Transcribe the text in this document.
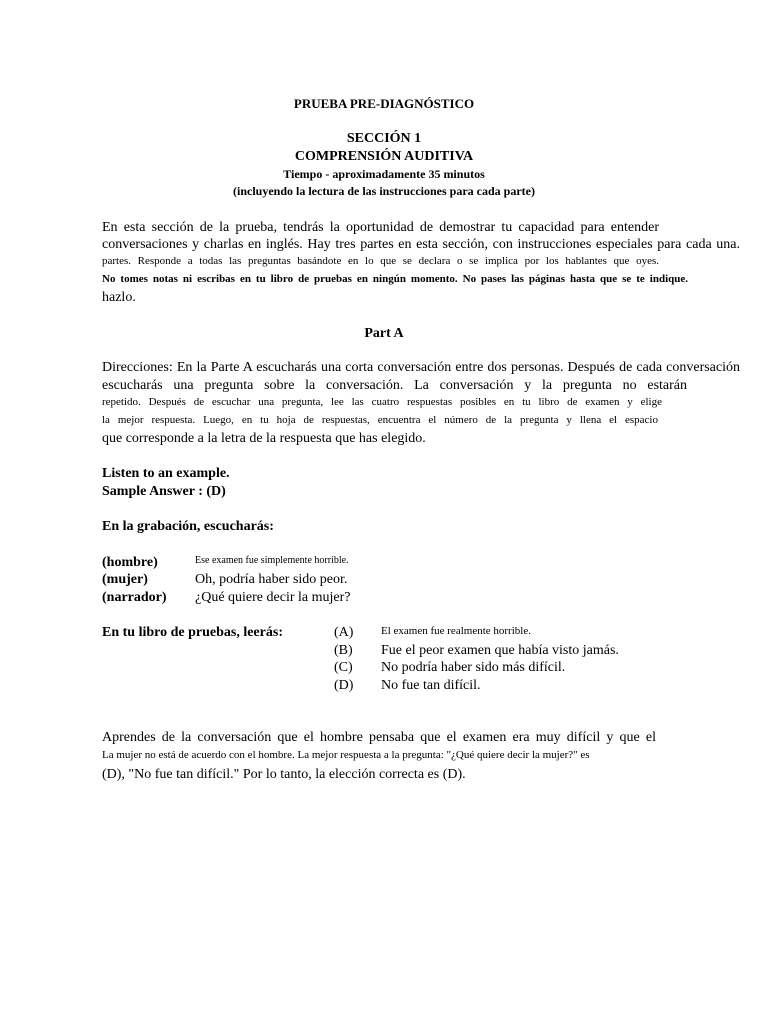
PRUEBA PRE-DIAGNÓSTICO
SECCIÓN 1
COMPRENSIÓN AUDITIVA
Tiempo - aproximadamente 35 minutos
(incluyendo la lectura de las instrucciones para cada parte)
En esta sección de la prueba, tendrás la oportunidad de demostrar tu capacidad para entender
conversaciones y charlas en inglés. Hay tres partes en esta sección, con instrucciones especiales para cada una.
partes. Responde a todas las preguntas basándote en lo que se declara o se implica por los hablantes que oyes.
No tomes notas ni escribas en tu libro de pruebas en ningún momento. No pases las páginas hasta que se te indique.
hazlo.
Part A
Direcciones: En la Parte A escucharás una corta conversación entre dos personas. Después de cada conversación
escucharás una pregunta sobre la conversación. La conversación y la pregunta no estarán
repetido. Después de escuchar una pregunta, lee las cuatro respuestas posibles en tu libro de examen y elige
la mejor respuesta. Luego, en tu hoja de respuestas, encuentra el número de la pregunta y llena el espacio
que corresponde a la letra de la respuesta que has elegido.
Listen to an example.
Sample Answer : (D)
En la grabación, escucharás:
(hombre)	Ese examen fue simplemente horrible.
(mujer)	Oh, podría haber sido peor.
(narrador) ¿Qué quiere decir la mujer?
En tu libro de pruebas, leerás:	(A)	El examen fue realmente horrible.
(B) Fue el peor examen que había visto jamás.
(C) No podría haber sido más difícil.
(D) No fue tan difícil.
Aprendes de la conversación que el hombre pensaba que el examen era muy difícil y que el
La mujer no está de acuerdo con el hombre. La mejor respuesta a la pregunta: "¿Qué quiere decir la mujer?" es
(D), "No fue tan difícil." Por lo tanto, la elección correcta es (D).
